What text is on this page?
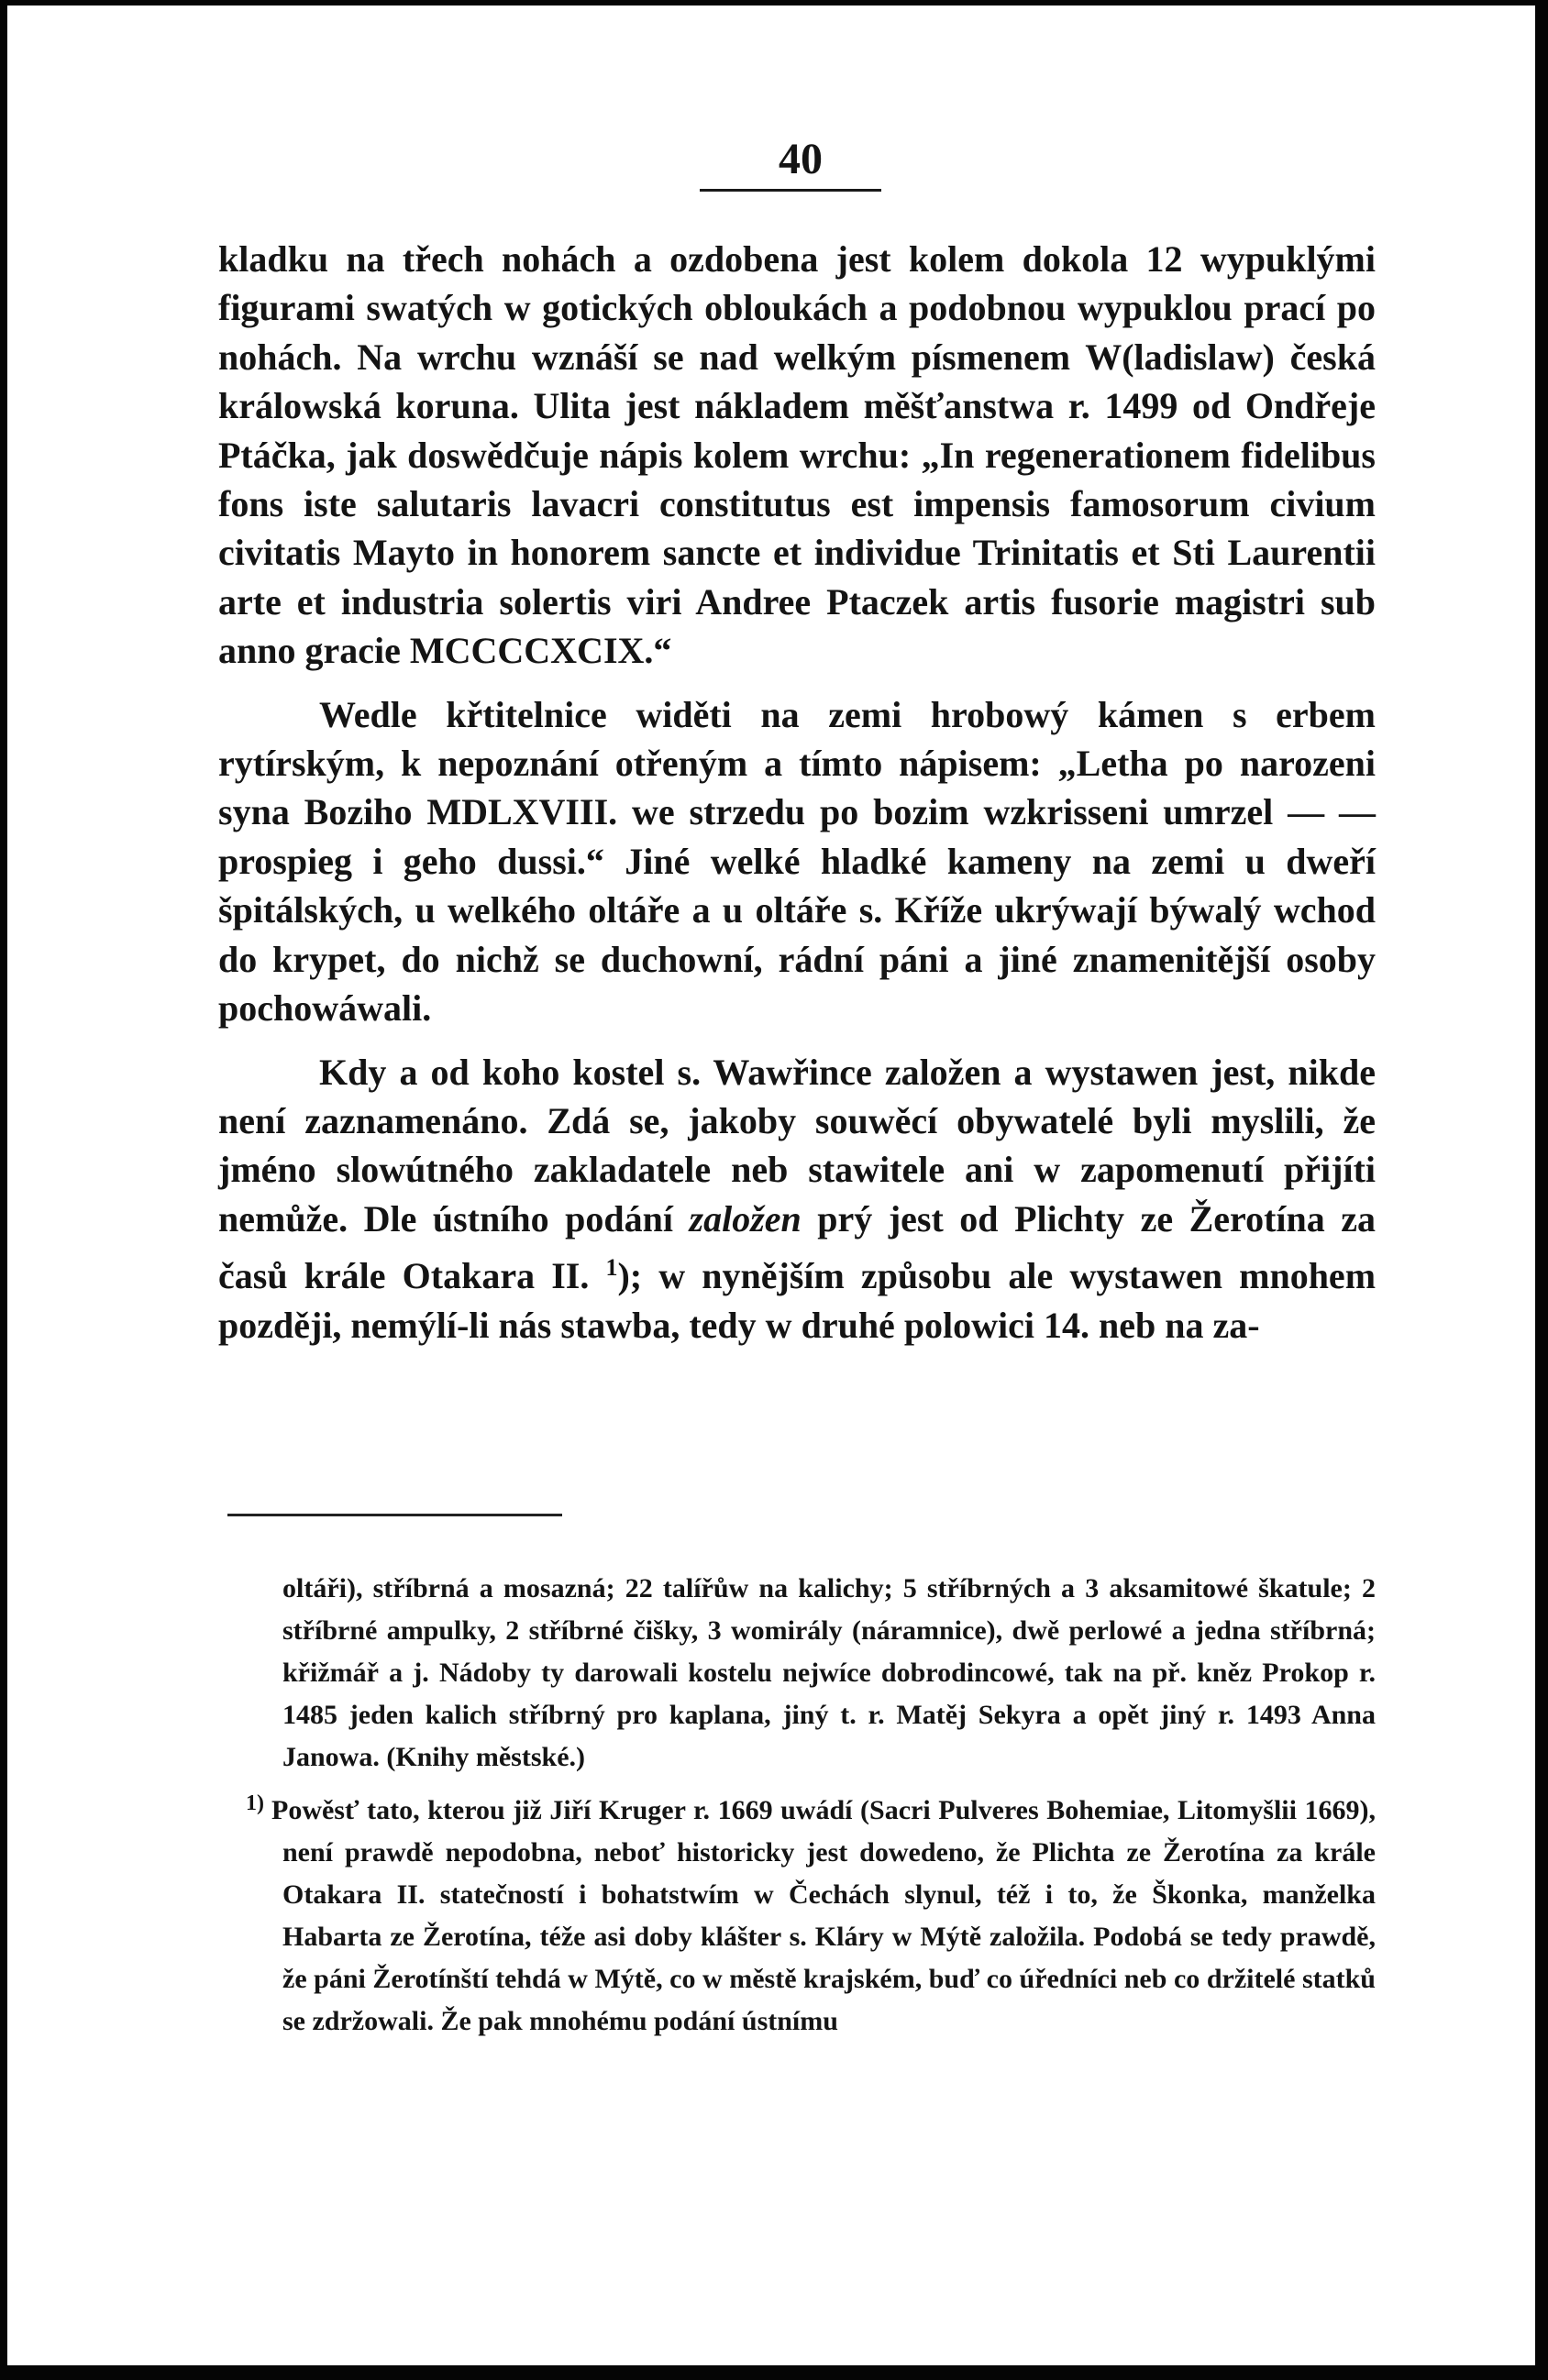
40

kladku na třech nohách a ozdobena jest kolem dokola 12 wypuklými figurami swatých w gotických obloukách a podobnou wypuklou prací po nohách. Na wrchu wznáší se nad welkým písmenem W(ladislaw) česká králowská koruna. Ulita jest nákladem měšťanstwa r. 1499 od Ondřeje Ptáčka, jak doswědčuje nápis kolem wrchu: „In regenerationem fidelibus fons iste salutaris lavacri constitutus est impensis famosorum civium civitatis Mayto in honorem sancte et individue Trinitatis et Sti Laurentii arte et industria solertis viri Andree Ptaczek artis fusorie magistri sub anno gracie MCCCCXCIX.“

Wedle křtitelnice widěti na zemi hrobowý kámen s erbem rytírským, k nepoznání otřeným a tímto nápisem: „Letha po narozeni syna Boziho MDLXVIII. we strzedu po bozim wzkrisseni umrzel — — prospieg i geho dussi.“ Jiné welké hladké kameny na zemi u dweří špitálských, u welkého oltáře a u oltáře s. Kříže ukrýwají býwalý wchod do krypet, do nichž se duchowní, rádní páni a jiné znamenitější osoby pochowáwali.

Kdy a od koho kostel s. Wawřince založen a wystawen jest, nikde není zaznamenáno. Zdá se, jakoby souwěcí obywatelé byli myslili, že jméno slowútného zakladatele neb stawitele ani w zapomenutí přijíti nemůže. Dle ústního podání založen prý jest od Plichty ze Žerotína za časů krále Otakara II. $^1$); w nynějším způsobu ale wystawen mnohem později, nemýlí-li nás stawba, tedy w druhé polowici 14. neb na za-

oltáři), stříbrná a mosazná; 22 talířůw na kalichy; 5 stříbrných a 3 aksamitowé škatule; 2 stříbrné ampulky, 2 stříbrné čišky, 3 womirály (náramnice), dwě perlowé a jedna stříbrná; křižmář a j. Nádoby ty darowali kostelu nejwíce dobrodincowé, tak na př. kněz Prokop r. 1485 jeden kalich stříbrný pro kaplana, jiný t. r. Matěj Sekyra a opět jiný r. 1493 Anna Janowa. (Knihy městské.)

$^{1)}$ Powěsť tato, kterou již Jiří Kruger r. 1669 uwádí (Sacri Pulveres Bohemiae, Litomyšlii 1669), není prawdě nepodobna, neboť historicky jest dowedeno, že Plichta ze Žerotína za krále Otakara II. statečností i bohatstwím w Čechách slynul, též i to, že Škonka, manželka Habarta ze Žerotína, téže asi doby klášter s. Kláry w Mýtě založila. Podobá se tedy prawdě, že páni Žerotínští tehdá w Mýtě, co w městě krajském, buď co úředníci neb co držitelé statků se zdržowali. Že pak mnohému podání ústnímu
